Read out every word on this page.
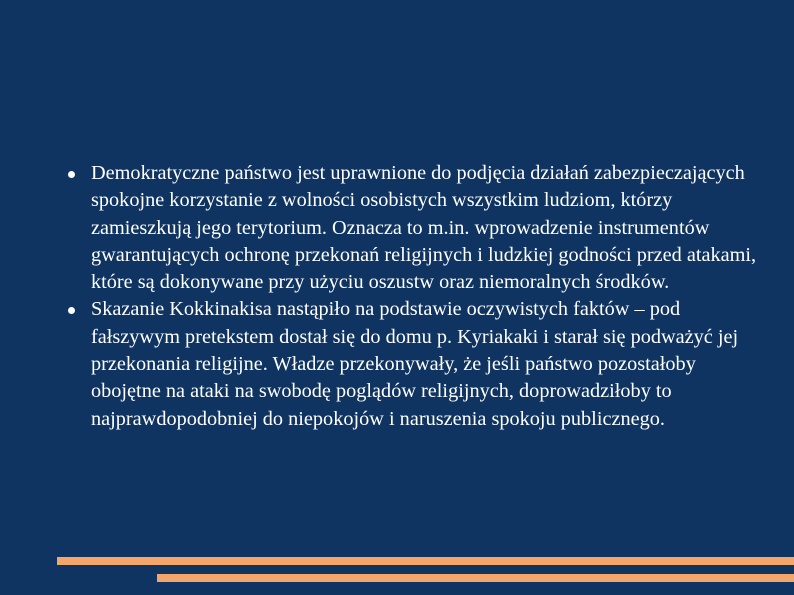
Demokratyczne państwo jest uprawnione do podjęcia działań zabezpieczających spokojne korzystanie z wolności osobistych wszystkim ludziom, którzy zamieszkują jego terytorium. Oznacza to m.in. wprowadzenie instrumentów gwarantujących ochronę przekonań religijnych i ludzkiej godności przed atakami, które są dokonywane przy użyciu oszustw oraz niemoralnych środków.
Skazanie Kokkinakisa nastąpiło na podstawie oczywistych faktów – pod fałszywym pretekstem dostał się do domu p. Kyriakaki i starał się podważyć jej przekonania religijne. Władze przekonywały, że jeśli państwo pozostałoby obojętne na ataki na swobodę poglądów religijnych, doprowadziłoby to najprawdopodobniej do niepokojów i naruszenia spokoju publicznego.
